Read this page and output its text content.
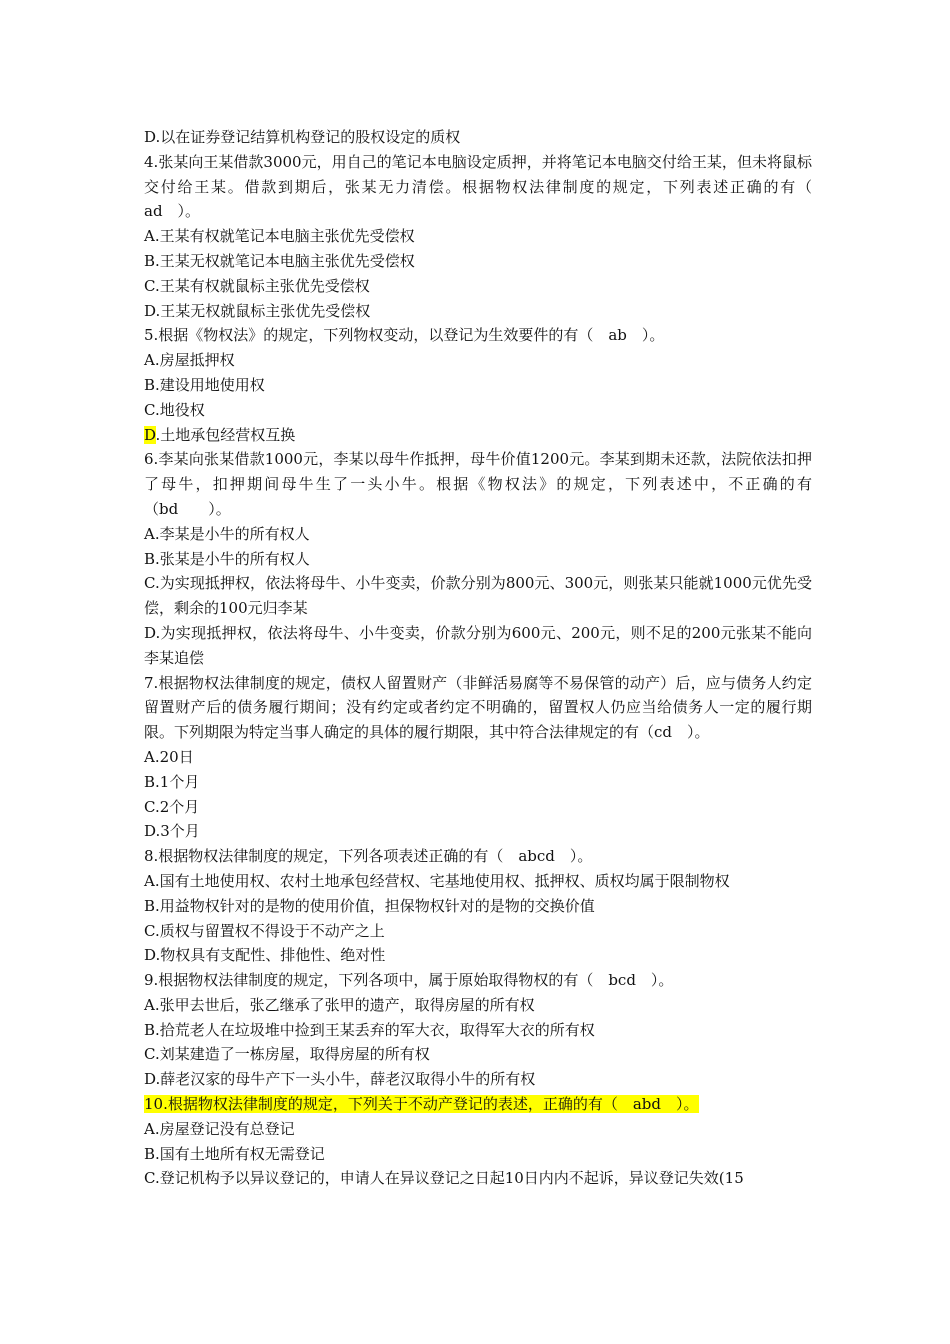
D.以在证券登记结算机构登记的股权设定的质权
4.张某向王某借款3000元，用自己的笔记本电脑设定质押，并将笔记本电脑交付给王某，但未将鼠标交付给王某。借款到期后，张某无力清偿。根据物权法律制度的规定，下列表述正确的有（　ad　）。
A.王某有权就笔记本电脑主张优先受偿权
B.王某无权就笔记本电脑主张优先受偿权
C.王某有权就鼠标主张优先受偿权
D.王某无权就鼠标主张优先受偿权
5.根据《物权法》的规定，下列物权变动，以登记为生效要件的有（　ab　）。
A.房屋抵押权
B.建设用地使用权
C.地役权
D.土地承包经营权互换
6.李某向张某借款1000元，李某以母牛作抵押，母牛价值1200元。李某到期未还款，法院依法扣押了母牛，扣押期间母牛生了一头小牛。根据《物权法》的规定，下列表述中，不正确的有（bd　　）。
A.李某是小牛的所有权人
B.张某是小牛的所有权人
C.为实现抵押权，依法将母牛、小牛变卖，价款分别为800元、300元，则张某只能就1000元优先受偿，剩余的100元归李某
D.为实现抵押权，依法将母牛、小牛变卖，价款分别为600元、200元，则不足的200元张某不能向李某追偿
7.根据物权法律制度的规定，债权人留置财产（非鲜活易腐等不易保管的动产）后，应与债务人约定留置财产后的债务履行期间；没有约定或者约定不明确的，留置权人仍应当给债务人一定的履行期限。下列期限为特定当事人确定的具体的履行期限，其中符合法律规定的有（cd　）。
A.20日
B.1个月
C.2个月
D.3个月
8.根据物权法律制度的规定，下列各项表述正确的有（　abcd　）。
A.国有土地使用权、农村土地承包经营权、宅基地使用权、抵押权、质权均属于限制物权
B.用益物权针对的是物的使用价值，担保物权针对的是物的交换价值
C.质权与留置权不得设于不动产之上
D.物权具有支配性、排他性、绝对性
9.根据物权法律制度的规定，下列各项中，属于原始取得物权的有（　bcd　）。
A.张甲去世后，张乙继承了张甲的遗产，取得房屋的所有权
B.拾荒老人在垃圾堆中捡到王某丢弃的军大衣，取得军大衣的所有权
C.刘某建造了一栋房屋，取得房屋的所有权
D.薛老汉家的母牛产下一头小牛，薛老汉取得小牛的所有权
10.根据物权法律制度的规定，下列关于不动产登记的表述，正确的有（　abd　）。
A.房屋登记没有总登记
B.国有土地所有权无需登记
C.登记机构予以异议登记的，申请人在异议登记之日起10日内内不起诉，异议登记失效(15
